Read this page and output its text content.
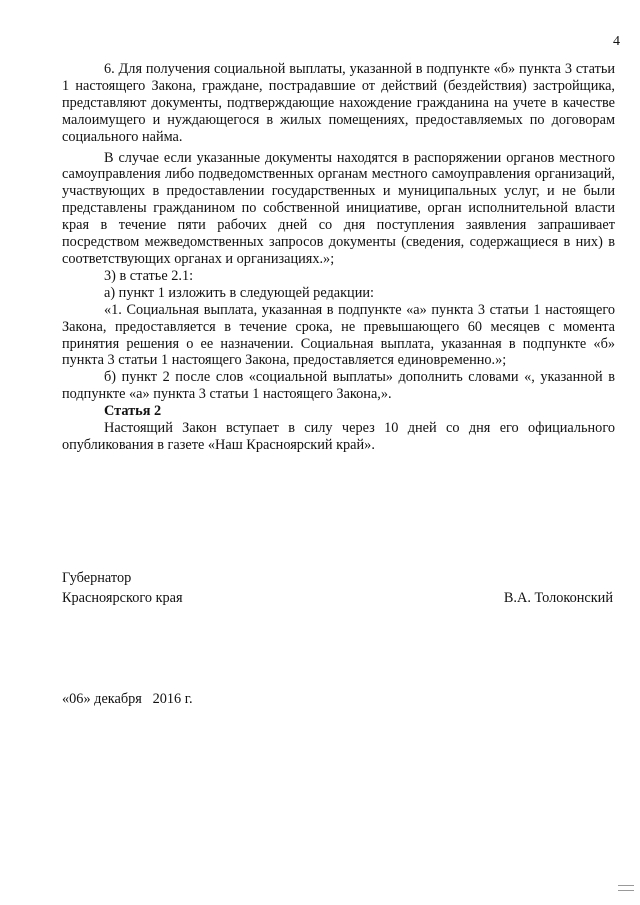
4

6. Для получения социальной выплаты, указанной в подпункте «б» пункта 3 статьи 1 настоящего Закона, граждане, пострадавшие от действий (бездействия) застройщика, представляют документы, подтверждающие нахождение гражданина на учете в качестве малоимущего и нуждающегося в жилых помещениях, предоставляемых по договорам социального найма.

В случае если указанные документы находятся в распоряжении органов местного самоуправления либо подведомственных органам местного самоуправления организаций, участвующих в предоставлении государственных и муниципальных услуг, и не были представлены гражданином по собственной инициативе, орган исполнительной власти края в течение пяти рабочих дней со дня поступления заявления запрашивает посредством межведомственных запросов документы (сведения, содержащиеся в них) в соответствующих органах и организациях.»;

3) в статье 2.1:

а) пункт 1 изложить в следующей редакции:

«1. Социальная выплата, указанная в подпункте «а» пункта 3 статьи 1 настоящего Закона, предоставляется в течение срока, не превышающего 60 месяцев с момента принятия решения о ее назначении. Социальная выплата, указанная в подпункте «б» пункта 3 статьи 1 настоящего Закона, предоставляется единовременно.»;

б) пункт 2 после слов «социальной выплаты» дополнить словами «, указанной в подпункте «а» пункта 3 статьи 1 настоящего Закона,».

Статья 2

Настоящий Закон вступает в силу через 10 дней со дня его официального опубликования в газете «Наш Красноярский край».

Губернатор
Красноярского края	В.А. Толоконский
«06» декабря   2016 г.
